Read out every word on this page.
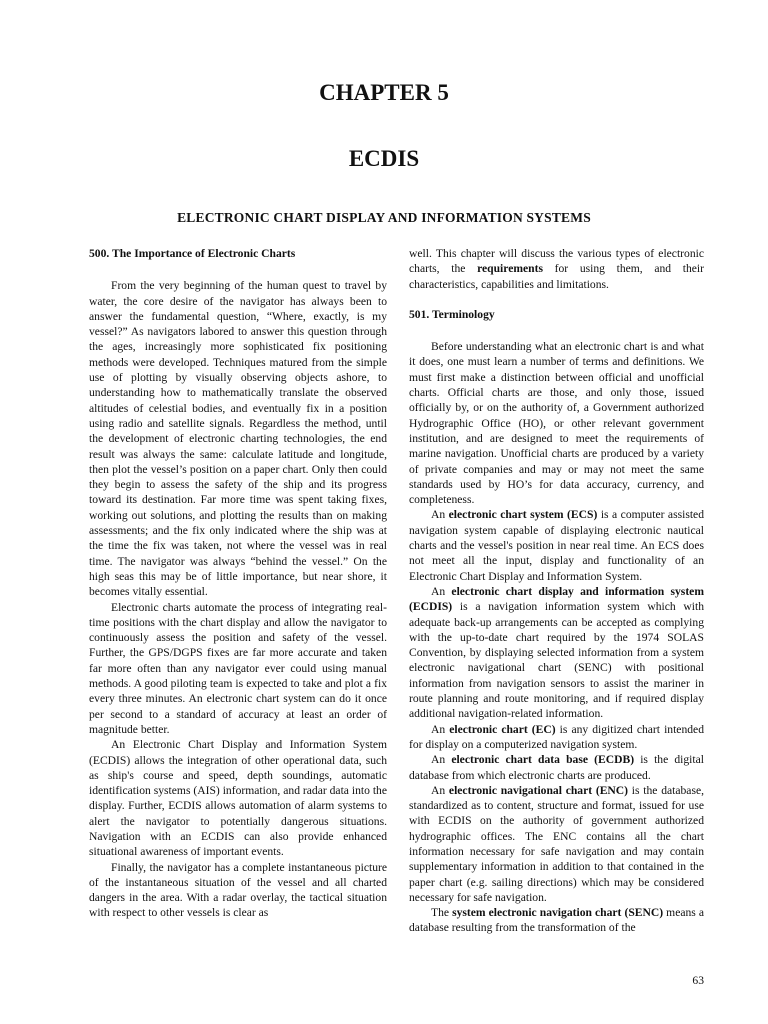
CHAPTER 5
ECDIS
ELECTRONIC CHART DISPLAY AND INFORMATION SYSTEMS
500. The Importance of Electronic Charts

From the very beginning of the human quest to travel by water, the core desire of the navigator has always been to answer the fundamental question, “Where, exactly, is my vessel?” As navigators labored to answer this question through the ages, increasingly more sophisticated fix positioning methods were developed. Techniques matured from the simple use of plotting by visually observing objects ashore, to understanding how to mathematically translate the observed altitudes of celestial bodies, and eventually fix in a position using radio and satellite signals. Regardless the method, until the development of electronic charting technologies, the end result was always the same: calculate latitude and longitude, then plot the vessel’s position on a paper chart. Only then could they begin to assess the safety of the ship and its progress toward its destination. Far more time was spent taking fixes, working out solutions, and plotting the results than on making assessments; and the fix only indicated where the ship was at the time the fix was taken, not where the vessel was in real time. The navigator was always “behind the vessel.” On the high seas this may be of little importance, but near shore, it becomes vitally essential.

Electronic charts automate the process of integrating real-time positions with the chart display and allow the navigator to continuously assess the position and safety of the vessel. Further, the GPS/DGPS fixes are far more accurate and taken far more often than any navigator ever could using manual methods. A good piloting team is expected to take and plot a fix every three minutes. An electronic chart system can do it once per second to a standard of accuracy at least an order of magnitude better.

An Electronic Chart Display and Information System (ECDIS) allows the integration of other operational data, such as ship's course and speed, depth soundings, automatic identification systems (AIS) information, and radar data into the display. Further, ECDIS allows automation of alarm systems to alert the navigator to potentially dangerous situations. Navigation with an ECDIS can also provide enhanced situational awareness of important events.

Finally, the navigator has a complete instantaneous picture of the instantaneous situation of the vessel and all charted dangers in the area. With a radar overlay, the tactical situation with respect to other vessels is clear as

well. This chapter will discuss the various types of electronic charts, the requirements for using them, and their characteristics, capabilities and limitations.

501. Terminology

Before understanding what an electronic chart is and what it does, one must learn a number of terms and definitions. We must first make a distinction between official and unofficial charts. Official charts are those, and only those, issued officially by, or on the authority of, a Government authorized Hydrographic Office (HO), or other relevant government institution, and are designed to meet the requirements of marine navigation. Unofficial charts are produced by a variety of private companies and may or may not meet the same standards used by HO’s for data accuracy, currency, and completeness.

An electronic chart system (ECS) is a computer assisted navigation system capable of displaying electronic nautical charts and the vessel's position in near real time. An ECS does not meet all the input, display and functionality of an Electronic Chart Display and Information System.

An electronic chart display and information system (ECDIS) is a navigation information system which with adequate back-up arrangements can be accepted as complying with the up-to-date chart required by the 1974 SOLAS Convention, by displaying selected information from a system electronic navigational chart (SENC) with positional information from navigation sensors to assist the mariner in route planning and route monitoring, and if required display additional navigation-related information.

An electronic chart (EC) is any digitized chart intended for display on a computerized navigation system.

An electronic chart data base (ECDB) is the digital database from which electronic charts are produced.

An electronic navigational chart (ENC) is the database, standardized as to content, structure and format, issued for use with ECDIS on the authority of government authorized hydrographic offices. The ENC contains all the chart information necessary for safe navigation and may contain supplementary information in addition to that contained in the paper chart (e.g. sailing directions) which may be considered necessary for safe navigation.

The system electronic navigation chart (SENC) means a database resulting from the transformation of the

63
